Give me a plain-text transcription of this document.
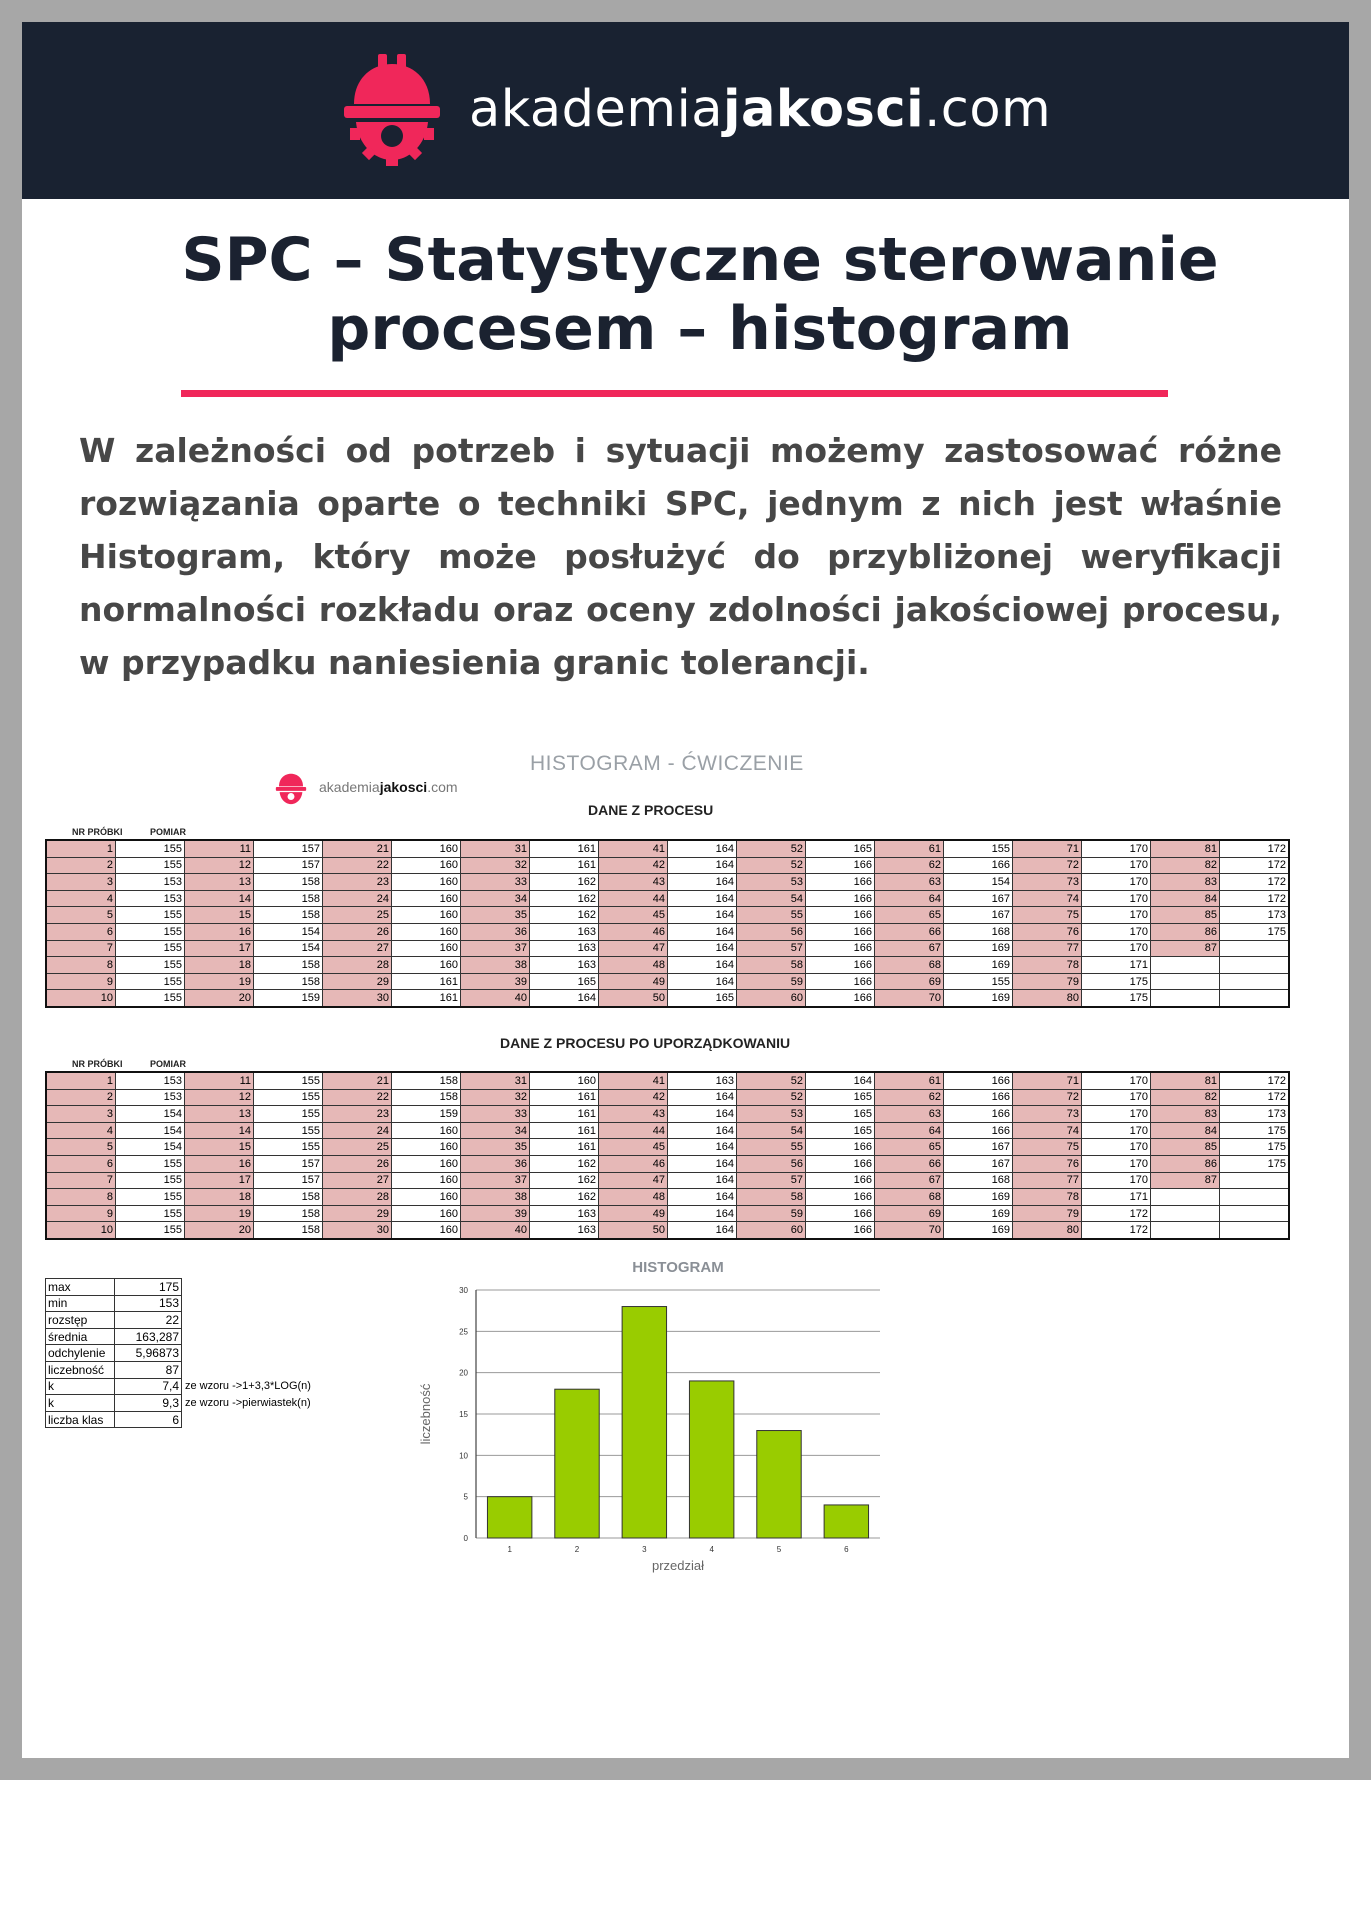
akademiajakosci.com
SPC – Statystyczne sterowanie
procesem – histogram
W zależności od potrzeb i sytuacji możemy zastosować różne rozwiązania oparte o techniki SPC, jednym z nich jest właśnie Histogram, który może posłużyć do przybliżonej weryfikacji normalności rozkładu oraz oceny zdolności jakościowej procesu, w przypadku naniesienia granic tolerancji.
HISTOGRAM - ĆWICZENIE
akademiajakosci.com
DANE Z PROCESU
NR PRÓBKI	POMIAR
1	155	11	157	21	160	31	161	41	164	52	165	61	155	71	170	81	172
2	155	12	157	22	160	32	161	42	164	52	166	62	166	72	170	82	172
3	153	13	158	23	160	33	162	43	164	53	166	63	154	73	170	83	172
4	153	14	158	24	160	34	162	44	164	54	166	64	167	74	170	84	172
5	155	15	158	25	160	35	162	45	164	55	166	65	167	75	170	85	173
6	155	16	154	26	160	36	163	46	164	56	166	66	168	76	170	86	175
7	155	17	154	27	160	37	163	47	164	57	166	67	169	77	170	87	
8	155	18	158	28	160	38	163	48	164	58	166	68	169	78	171		
9	155	19	158	29	161	39	165	49	164	59	166	69	155	79	175		
10	155	20	159	30	161	40	164	50	165	60	166	70	169	80	175		
DANE Z PROCESU PO UPORZĄDKOWANIU
NR PRÓBKI	POMIAR
1	153	11	155	21	158	31	160	41	163	52	164	61	166	71	170	81	172
2	153	12	155	22	158	32	161	42	164	52	165	62	166	72	170	82	172
3	154	13	155	23	159	33	161	43	164	53	165	63	166	73	170	83	173
4	154	14	155	24	160	34	161	44	164	54	165	64	166	74	170	84	175
5	154	15	155	25	160	35	161	45	164	55	166	65	167	75	170	85	175
6	155	16	157	26	160	36	162	46	164	56	166	66	167	76	170	86	175
7	155	17	157	27	160	37	162	47	164	57	166	67	168	77	170	87	
8	155	18	158	28	160	38	162	48	164	58	166	68	169	78	171		
9	155	19	158	29	160	39	163	49	164	59	166	69	169	79	172		
10	155	20	158	30	160	40	163	50	164	60	166	70	169	80	172		
max	175	
min	153	
rozstęp	22	
średnia	163,287	
odchylenie	5,96873	
liczebność	87	
k	7,4	ze wzoru ->1+3,3*LOG(n)
k	9,3	ze wzoru ->pierwiastek(n)
liczba klas	6	
HISTOGRAM
0
5
10
15
20
25
30
1	2	3	4	5	6
przedział
liczebność
